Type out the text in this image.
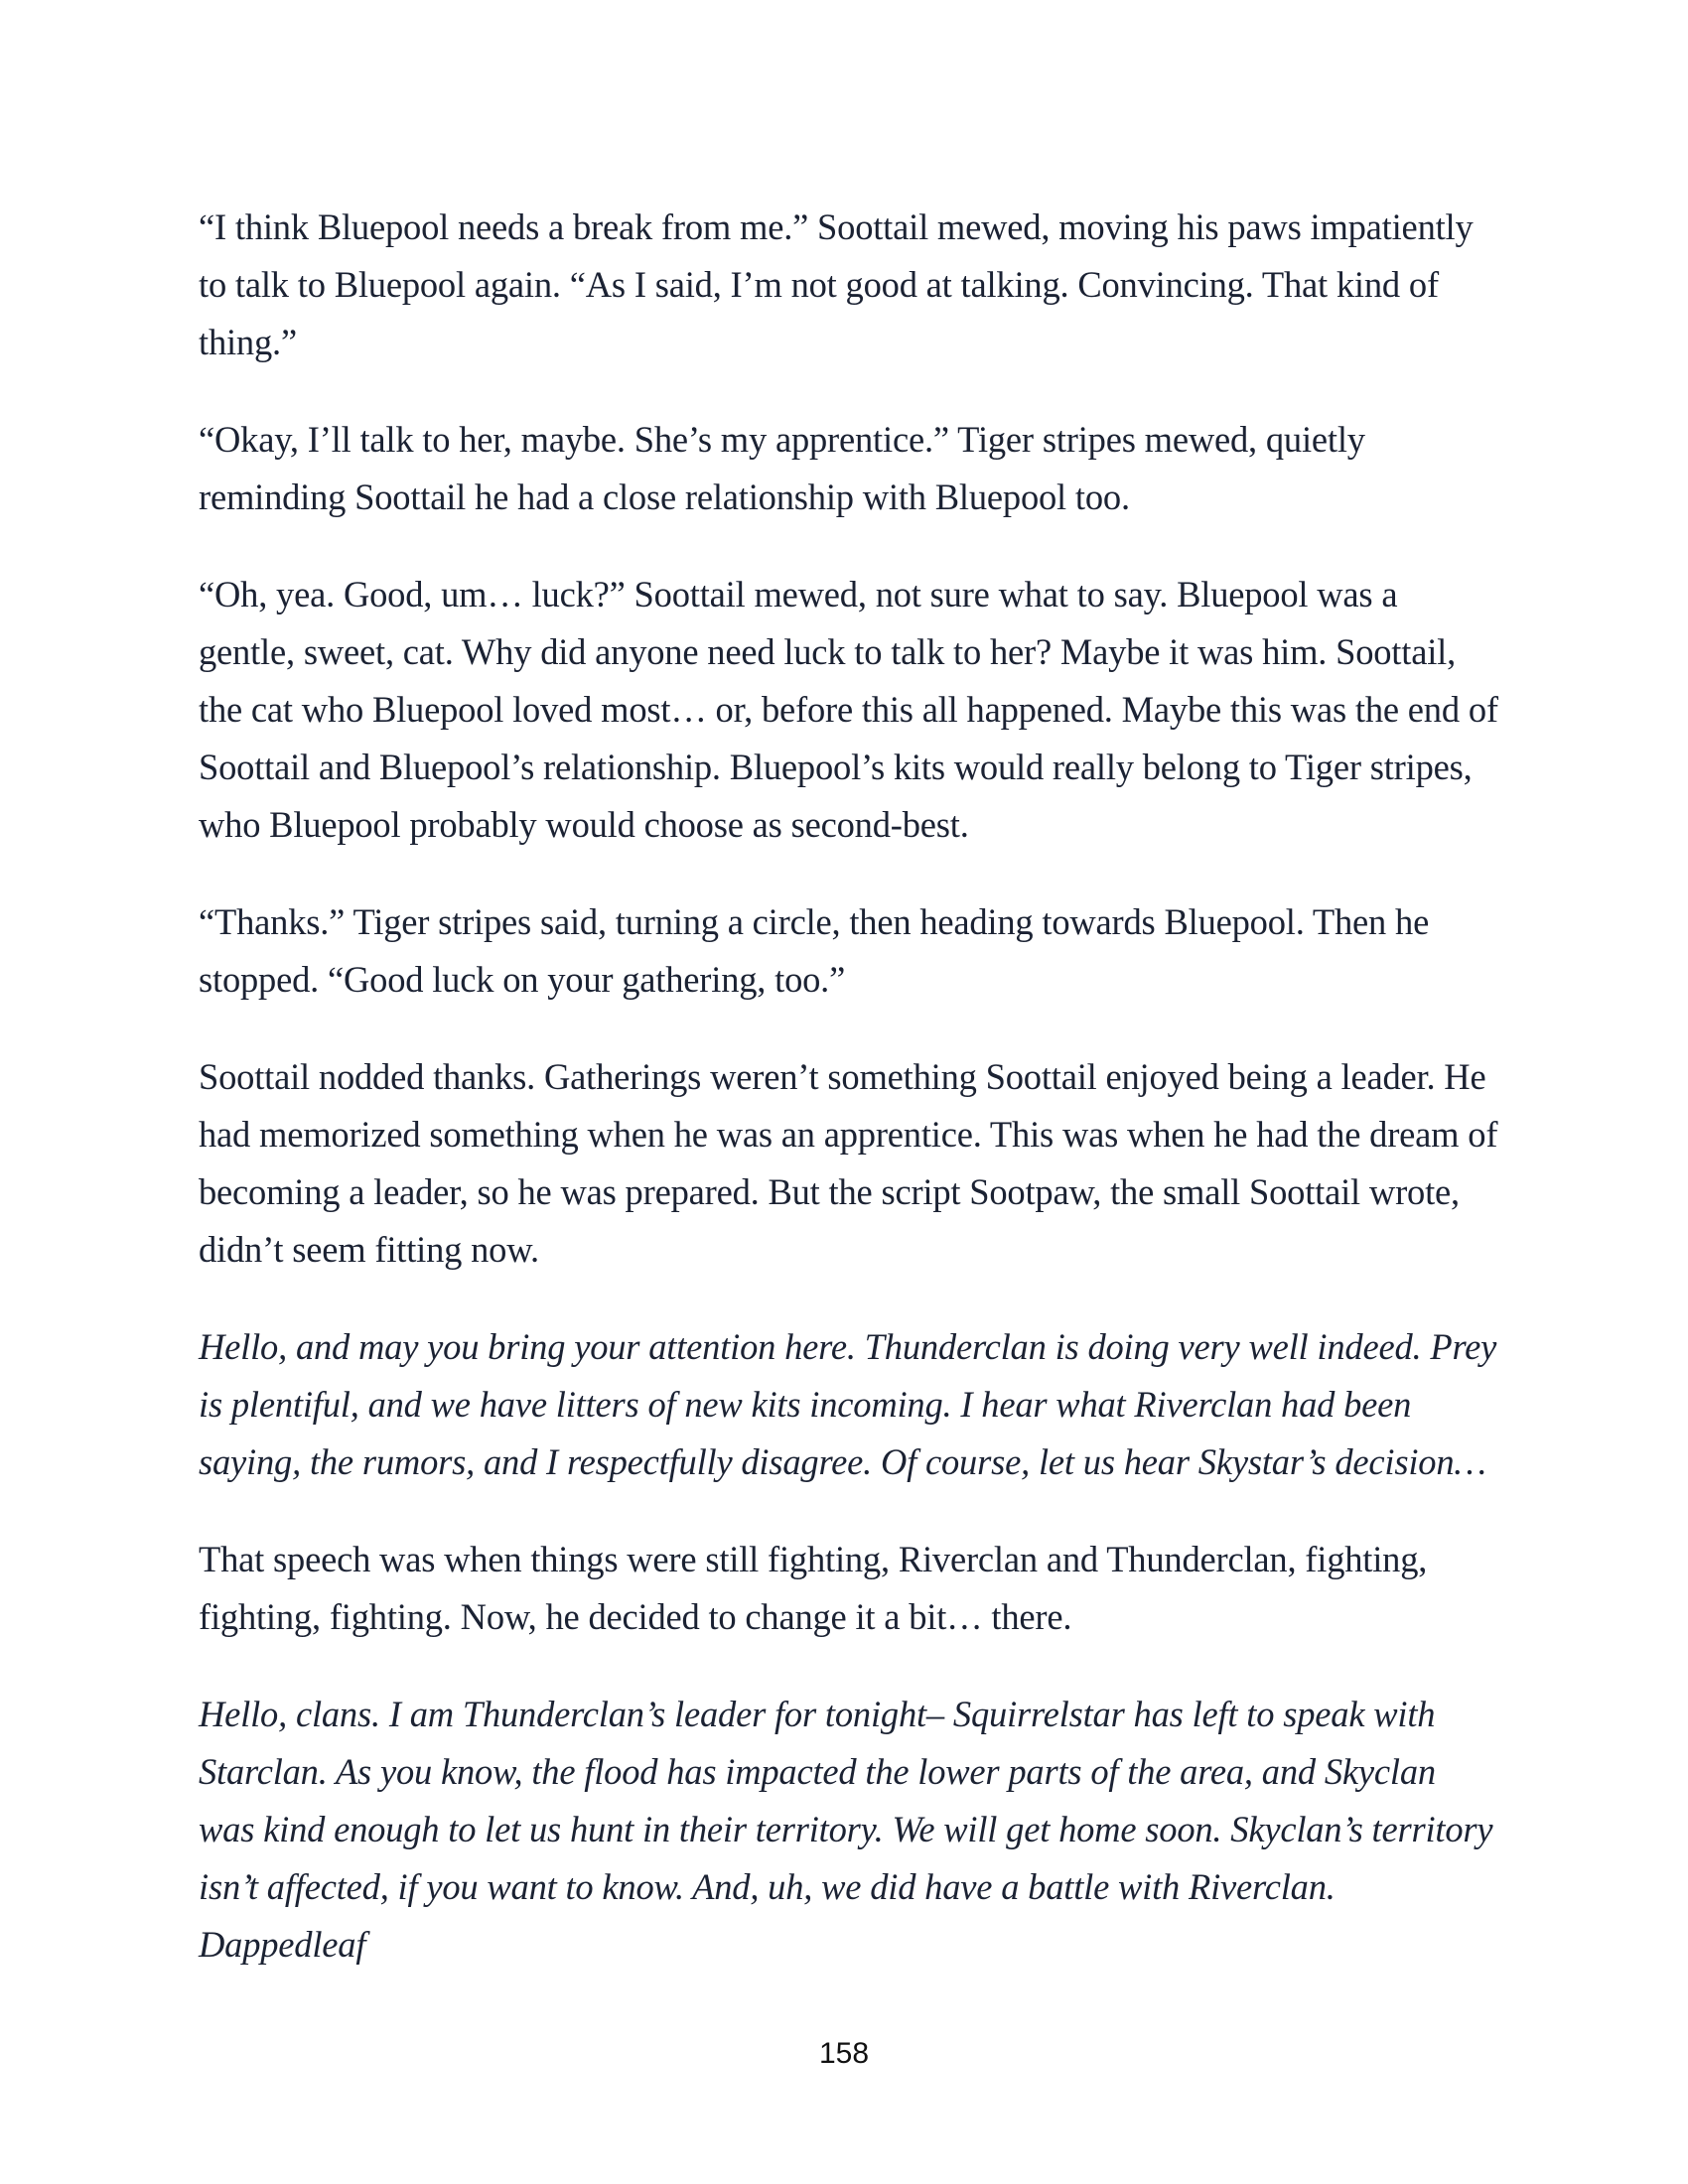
“I think Bluepool needs a break from me.” Soottail mewed, moving his paws impatiently to talk to Bluepool again. “As I said, I’m not good at talking. Convincing. That kind of thing.”

“Okay, I’ll talk to her, maybe. She’s my apprentice.” Tiger stripes mewed, quietly reminding Soottail he had a close relationship with Bluepool too.

“Oh, yea. Good, um… luck?” Soottail mewed, not sure what to say. Bluepool was a gentle, sweet, cat. Why did anyone need luck to talk to her? Maybe it was him. Soottail, the cat who Bluepool loved most… or, before this all happened. Maybe this was the end of Soottail and Bluepool’s relationship. Bluepool’s kits would really belong to Tiger stripes, who Bluepool probably would choose as second-best.

“Thanks.” Tiger stripes said, turning a circle, then heading towards Bluepool. Then he stopped. “Good luck on your gathering, too.”

Soottail nodded thanks. Gatherings weren’t something Soottail enjoyed being a leader. He had memorized something when he was an apprentice. This was when he had the dream of becoming a leader, so he was prepared. But the script Sootpaw, the small Soottail wrote, didn’t seem fitting now.

Hello, and may you bring your attention here. Thunderclan is doing very well indeed. Prey is plentiful, and we have litters of new kits incoming. I hear what Riverclan had been saying, the rumors, and I respectfully disagree. Of course, let us hear Skystar’s decision…

That speech was when things were still fighting, Riverclan and Thunderclan, fighting, fighting, fighting. Now, he decided to change it a bit… there.

Hello, clans. I am Thunderclan’s leader for tonight– Squirrelstar has left to speak with Starclan. As you know, the flood has impacted the lower parts of the area, and Skyclan was kind enough to let us hunt in their territory. We will get home soon. Skyclan’s territory isn’t affected, if you want to know. And, uh, we did have a battle with Riverclan. Dappedleaf

158
